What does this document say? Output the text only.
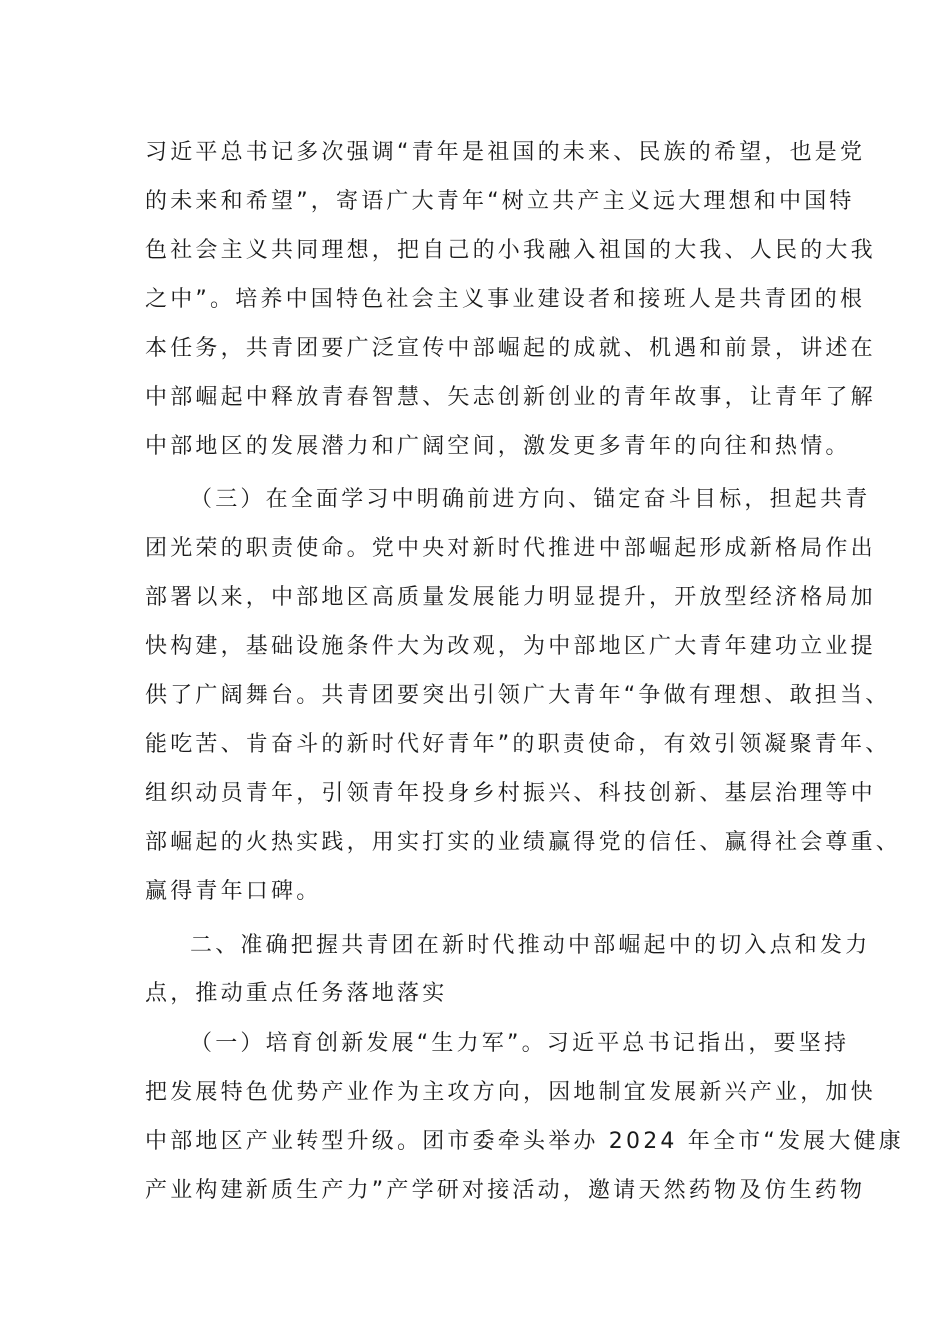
习近平总书记多次强调“青年是祖国的未来、民族的希望，也是党
的未来和希望”，寄语广大青年“树立共产主义远大理想和中国特
色社会主义共同理想，把自己的小我融入祖国的大我、人民的大我
之中”。培养中国特色社会主义事业建设者和接班人是共青团的根
本任务，共青团要广泛宣传中部崛起的成就、机遇和前景，讲述在
中部崛起中释放青春智慧、矢志创新创业的青年故事，让青年了解
中部地区的发展潜力和广阔空间，激发更多青年的向往和热情。
（三）在全面学习中明确前进方向、锚定奋斗目标，担起共青
团光荣的职责使命。党中央对新时代推进中部崛起形成新格局作出
部署以来，中部地区高质量发展能力明显提升，开放型经济格局加
快构建，基础设施条件大为改观，为中部地区广大青年建功立业提
供了广阔舞台。共青团要突出引领广大青年“争做有理想、敢担当、
能吃苦、肯奋斗的新时代好青年”的职责使命，有效引领凝聚青年、
组织动员青年，引领青年投身乡村振兴、科技创新、基层治理等中
部崛起的火热实践，用实打实的业绩赢得党的信任、赢得社会尊重、
赢得青年口碑。
二、准确把握共青团在新时代推动中部崛起中的切入点和发力
点，推动重点任务落地落实
（一）培育创新发展“生力军”。习近平总书记指出，要坚持
把发展特色优势产业作为主攻方向，因地制宜发展新兴产业，加快
中部地区产业转型升级。团市委牵头举办 2024 年全市“发展大健康
产业构建新质生产力”产学研对接活动，邀请天然药物及仿生药物
